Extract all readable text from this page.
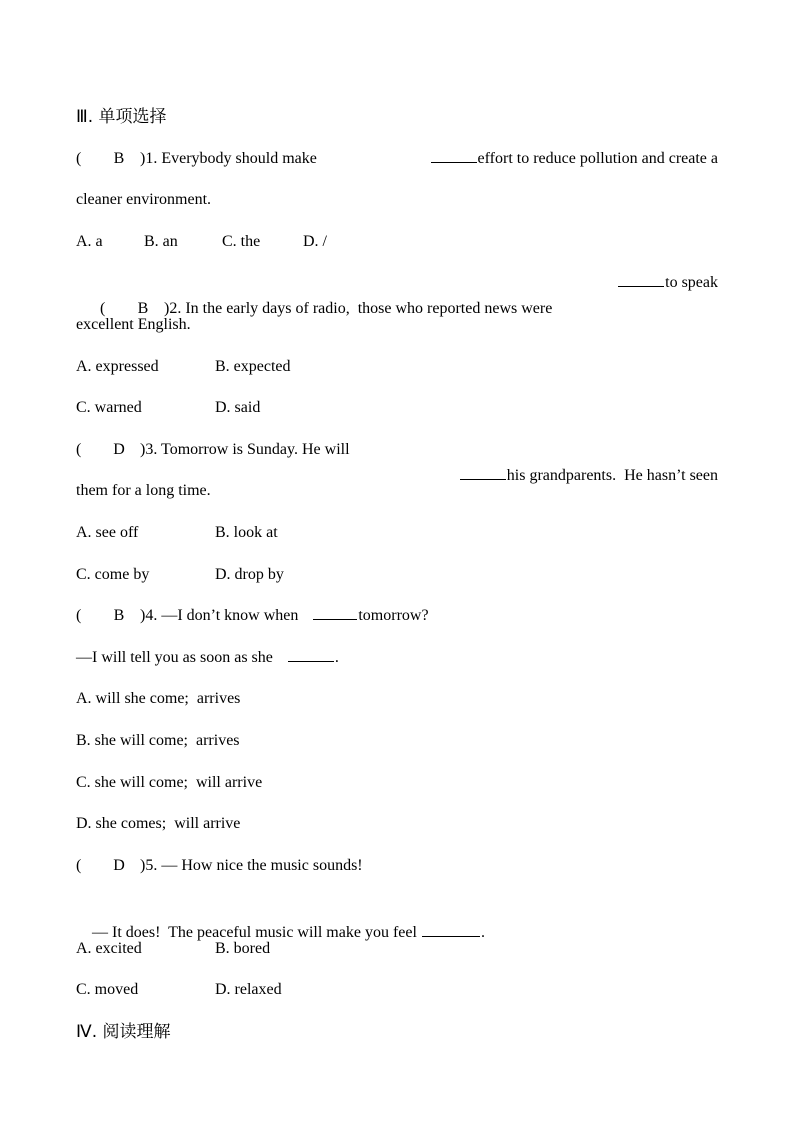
Ⅲ. 单项选择
( B )1. Everybody should make	effort to reduce pollution and create a
cleaner environment.
A. a	B. an	C. the	D. /

( B )2. In the early days of radio,  those who reported news were

to speak
excellent English.
A. expressed	B. expected
C. warned	D. said
( D )3. Tomorrow is Sunday. He will

his grandparents.  He hasn’t seen

them for a long time.
A. see off	B. look at
C. come by	D. drop by
( B )4. —I don’t know when	tomorrow?
—I will tell you as soon as she	.
A. will she come;  arrives
B. she will come;  arrives
C. she will come;  will arrive
D. she comes;  will arrive
( D )5. — How nice the music sounds!

— It does!  The peaceful music will make you feel	.

A. excited	B. bored
C. moved	D. relaxed
Ⅳ. 阅读理解
